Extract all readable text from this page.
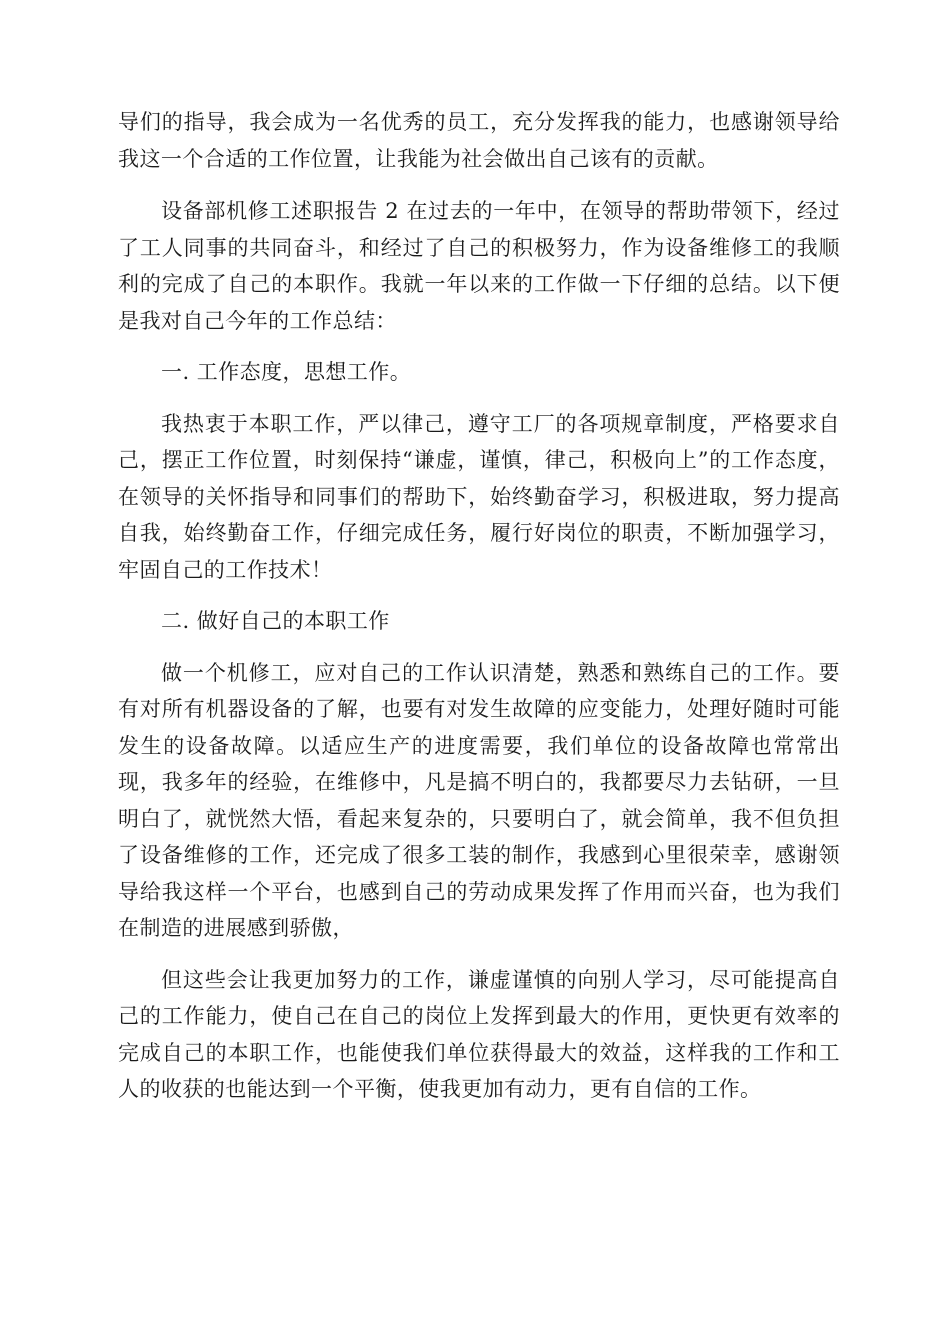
导们的指导，我会成为一名优秀的员工，充分发挥我的能力，也感谢领导给我这一个合适的工作位置，让我能为社会做出自己该有的贡献。

设备部机修工述职报告 2 在过去的一年中，在领导的帮助带领下，经过了工人同事的共同奋斗，和经过了自己的积极努力，作为设备维修工的我顺利的完成了自己的本职作。我就一年以来的工作做一下仔细的总结。以下便是我对自己今年的工作总结：

一. 工作态度，思想工作。

我热衷于本职工作，严以律己，遵守工厂的各项规章制度，严格要求自己，摆正工作位置，时刻保持“谦虚，谨慎，律己，积极向上”的工作态度，在领导的关怀指导和同事们的帮助下，始终勤奋学习，积极进取，努力提高自我，始终勤奋工作，仔细完成任务，履行好岗位的职责，不断加强学习，牢固自己的工作技术！

二. 做好自己的本职工作

做一个机修工，应对自己的工作认识清楚，熟悉和熟练自己的工作。要有对所有机器设备的了解，也要有对发生故障的应变能力，处理好随时可能发生的设备故障。以适应生产的进度需要，我们单位的设备故障也常常出现，我多年的经验，在维修中，凡是搞不明白的，我都要尽力去钻研，一旦明白了，就恍然大悟，看起来复杂的，只要明白了，就会简单，我不但负担了设备维修的工作，还完成了很多工装的制作，我感到心里很荣幸，感谢领导给我这样一个平台，也感到自己的劳动成果发挥了作用而兴奋，也为我们在制造的进展感到骄傲，

但这些会让我更加努力的工作，谦虚谨慎的向别人学习，尽可能提高自己的工作能力，使自己在自己的岗位上发挥到最大的作用，更快更有效率的完成自己的本职工作，也能使我们单位获得最大的效益，这样我的工作和工人的收获的也能达到一个平衡，使我更加有动力，更有自信的工作。
